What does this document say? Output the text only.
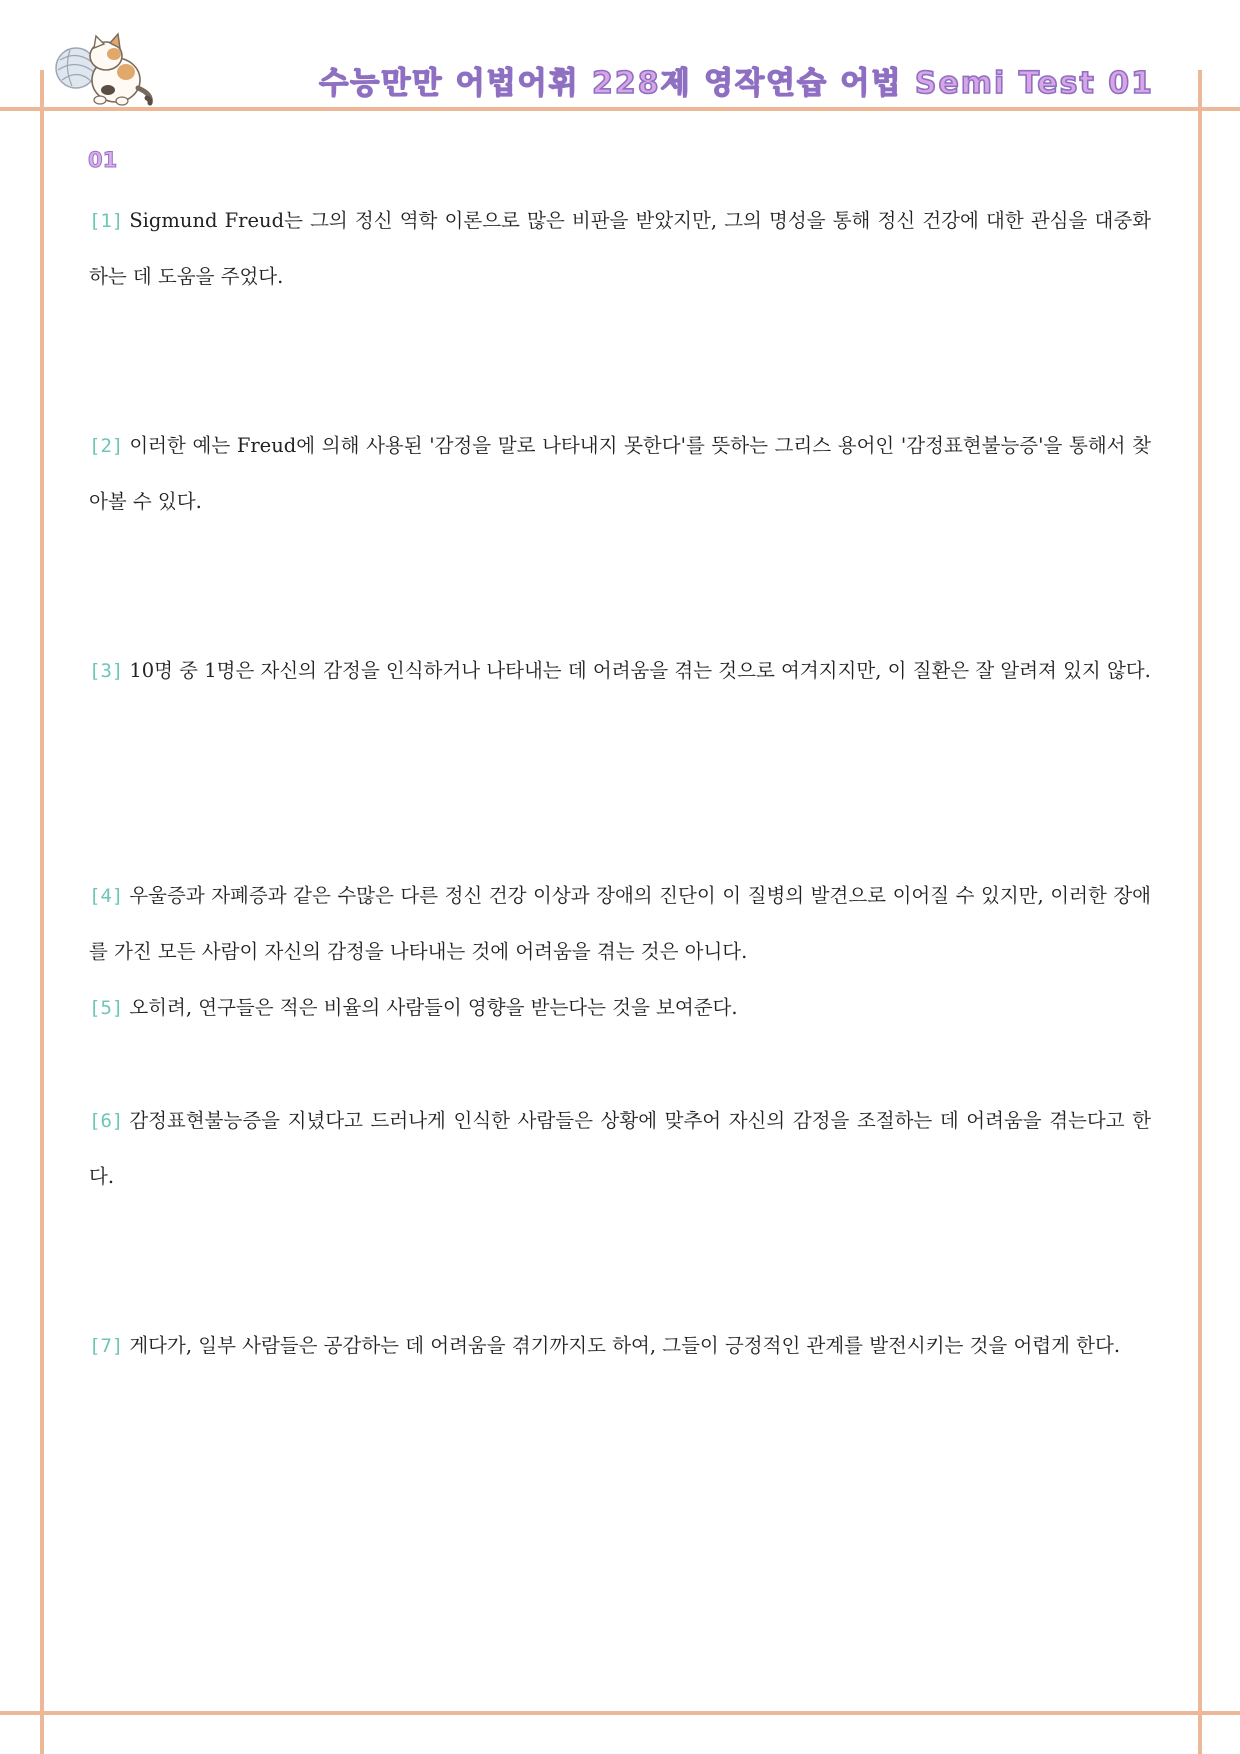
수능만만 어법어휘 228제 영작연습 어법 Semi Test 01
01

[1] Sigmund Freud는 그의 정신 역학 이론으로 많은 비판을 받았지만, 그의 명성을 통해 정신 건강에 대한 관심을 대중화하는 데 도움을 주었다.

[2] 이러한 예는 Freud에 의해 사용된 '감정을 말로 나타내지 못한다'를 뜻하는 그리스 용어인 '감정표현불능증'을 통해서 찾아볼 수 있다.

[3] 10명 중 1명은 자신의 감정을 인식하거나 나타내는 데 어려움을 겪는 것으로 여겨지지만, 이 질환은 잘 알려져 있지 않다.

[4] 우울증과 자폐증과 같은 수많은 다른 정신 건강 이상과 장애의 진단이 이 질병의 발견으로 이어질 수 있지만, 이러한 장애를 가진 모든 사람이 자신의 감정을 나타내는 것에 어려움을 겪는 것은 아니다.

[5] 오히려, 연구들은 적은 비율의 사람들이 영향을 받는다는 것을 보여준다.

[6] 감정표현불능증을 지녔다고 드러나게 인식한 사람들은 상황에 맞추어 자신의 감정을 조절하는 데 어려움을 겪는다고 한다.

[7] 게다가, 일부 사람들은 공감하는 데 어려움을 겪기까지도 하여, 그들이 긍정적인 관계를 발전시키는 것을 어렵게 한다.
